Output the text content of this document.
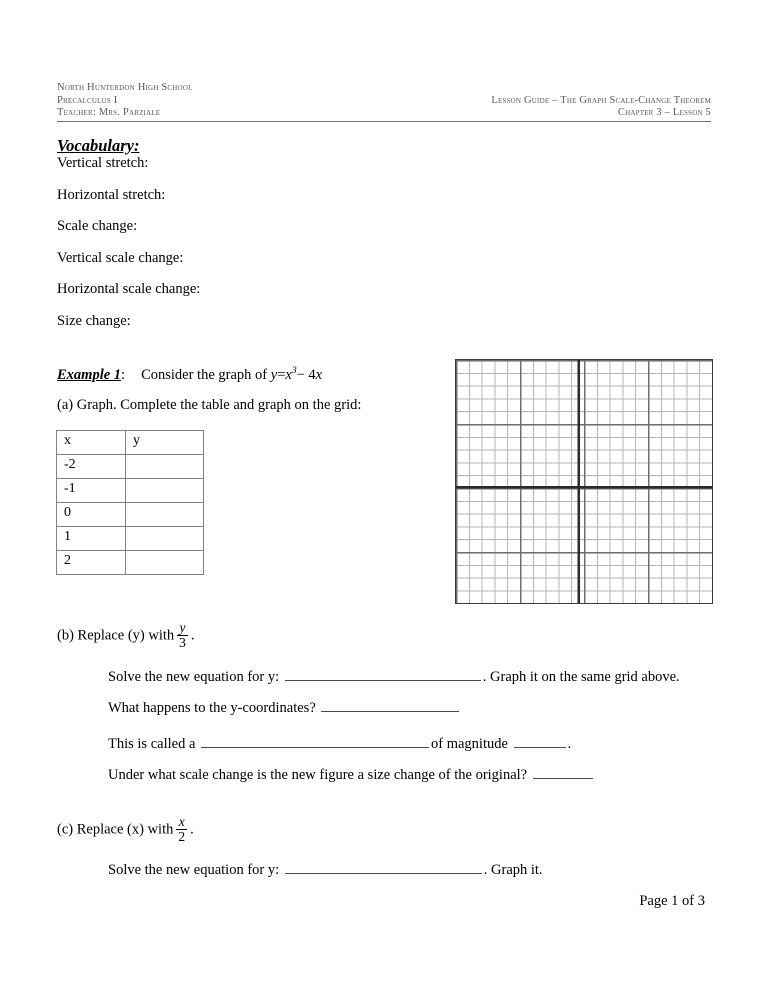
North Hunterdon High School
Precalculus I	Lesson Guide – The Graph Scale-Change Theorem
Teacher: Mrs. Parziale	Chapter 3 – Lesson 5
Vocabulary:
Vertical stretch:
Horizontal stretch:
Scale change:
Vertical scale change:
Horizontal scale change:
Size change:
Example 1: Consider the graph of $y=x^3- 4x$
(a) Graph. Complete the table and graph on the grid:
x	y
-2	
-1	
0	
1	
2	
(b) Replace (y) with $\frac{y}{3}$ .
Solve the new equation for y:	. Graph it on the same grid above.
What happens to the y-coordinates?
This is called a	of magnitude	.
Under what scale change is the new figure a size change of the original?
(c) Replace (x) with $\frac{x}{2}$ .
Solve the new equation for y:	. Graph it.
Page 1 of 3
